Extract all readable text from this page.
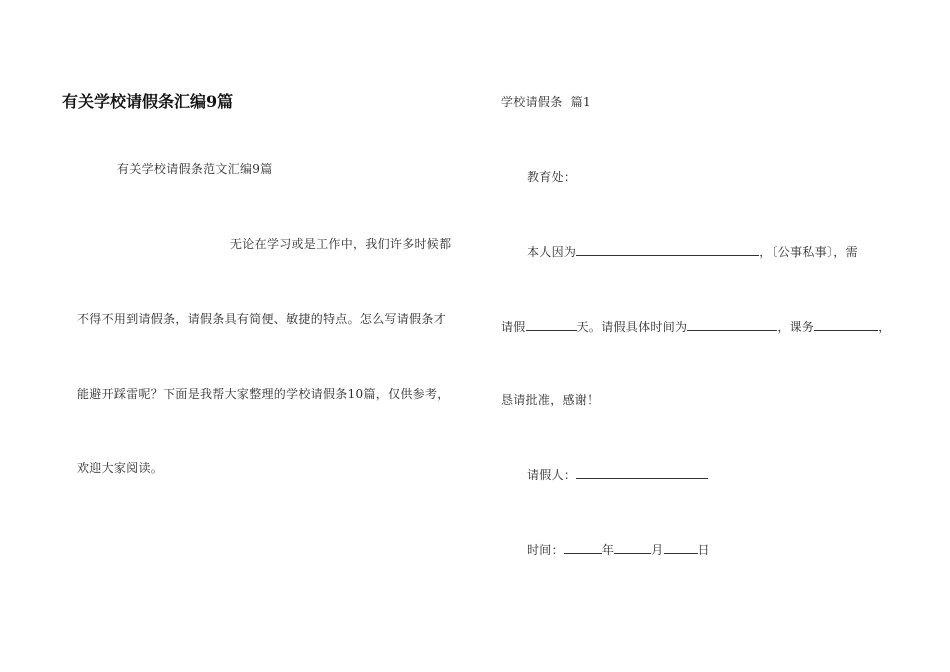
有关学校请假条汇编9篇
有关学校请假条范文汇编9篇
无论在学习或是工作中，我们许多时候都
不得不用到请假条，请假条具有简便、敏捷的特点。怎么写请假条才
能避开踩雷呢？下面是我帮大家整理的学校请假条10篇，仅供参考，
欢迎大家阅读。
学校请假条  篇1
教育处：
本人因为	，〔公事私事〕，需
请假	天。请假具体时间为	，课务	，
恳请批准，感谢！
请假人：
时间：	年	月	日
